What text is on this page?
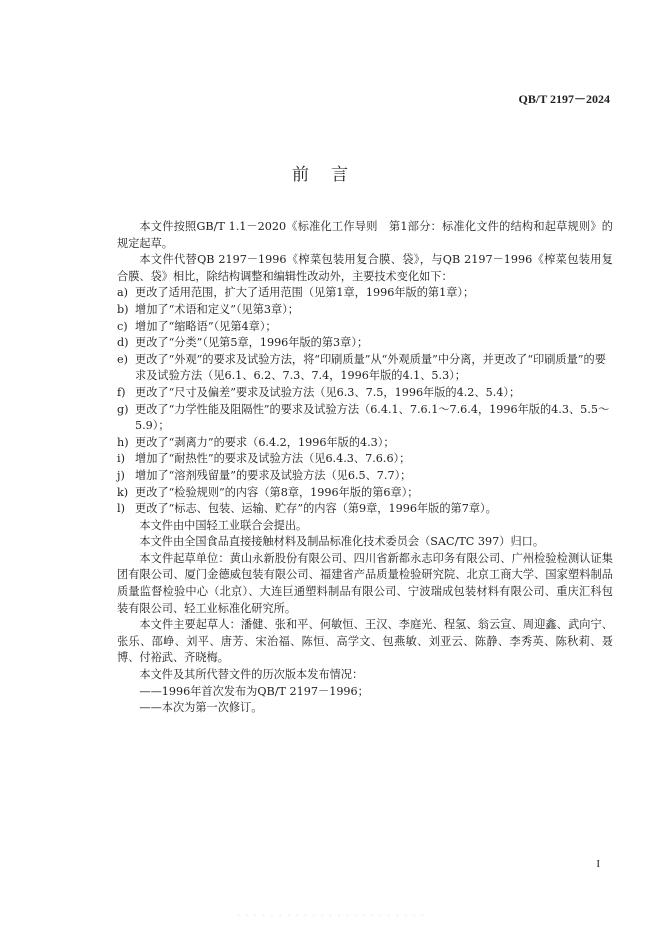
QB/T 2197－2024
前言

本文件按照GB/T 1.1－2020《标准化工作导则　第1部分：标准化文件的结构和起草规则》的规定起草。

本文件代替QB 2197－1996《榨菜包装用复合膜、袋》，与QB 2197－1996《榨菜包装用复合膜、袋》相比，除结构调整和编辑性改动外，主要技术变化如下：

a) 更改了适用范围，扩大了适用范围（见第1章，1996年版的第1章）；
b) 增加了“术语和定义”（见第3章）；
c) 增加了“缩略语”（见第4章）；
d) 更改了“分类”（见第5章，1996年版的第3章）；
e) 更改了“外观”的要求及试验方法，将“印刷质量”从“外观质量”中分离，并更改了“印刷质量”的要求及试验方法（见6.1、6.2、7.3、7.4，1996年版的4.1、5.3）；
f) 更改了“尺寸及偏差”要求及试验方法（见6.3、7.5，1996年版的4.2、5.4）；
g) 更改了“力学性能及阻隔性”的要求及试验方法（6.4.1、7.6.1～7.6.4，1996年版的4.3、5.5～5.9）；
h) 更改了“剥离力”的要求（6.4.2，1996年版的4.3）；
i) 增加了“耐热性”的要求及试验方法（见6.4.3、7.6.6）；
j) 增加了“溶剂残留量”的要求及试验方法（见6.5、7.7）；
k) 更改了“检验规则”的内容（第8章，1996年版的第6章）；
l) 更改了“标志、包装、运输、贮存”的内容（第9章，1996年版的第7章）。

本文件由中国轻工业联合会提出。

本文件由全国食品直接接触材料及制品标准化技术委员会（SAC/TC 397）归口。

本文件起草单位：黄山永新股份有限公司、四川省新都永志印务有限公司、广州检验检测认证集团有限公司、厦门金德威包装有限公司、福建省产品质量检验研究院、北京工商大学、国家塑料制品质量监督检验中心（北京）、大连巨通塑料制品有限公司、宁波瑞成包装材料有限公司、重庆汇科包装有限公司、轻工业标准化研究所。

本文件主要起草人：潘健、张和平、何敏恒、王汉、李庭光、程氢、翁云宣、周迎鑫、武向宁、张乐、邵峥、刘平、唐芳、宋治福、陈恒、高学文、包燕敏、刘亚云、陈静、李秀英、陈秋莉、聂博、付裕武、齐晓梅。

本文件及其所代替文件的历次版本发布情况：

——1996年首次发布为QB/T 2197－1996；

——本次为第一次修订。

I
· · · · · · · · · · · · · · · · · · · · · · ·
